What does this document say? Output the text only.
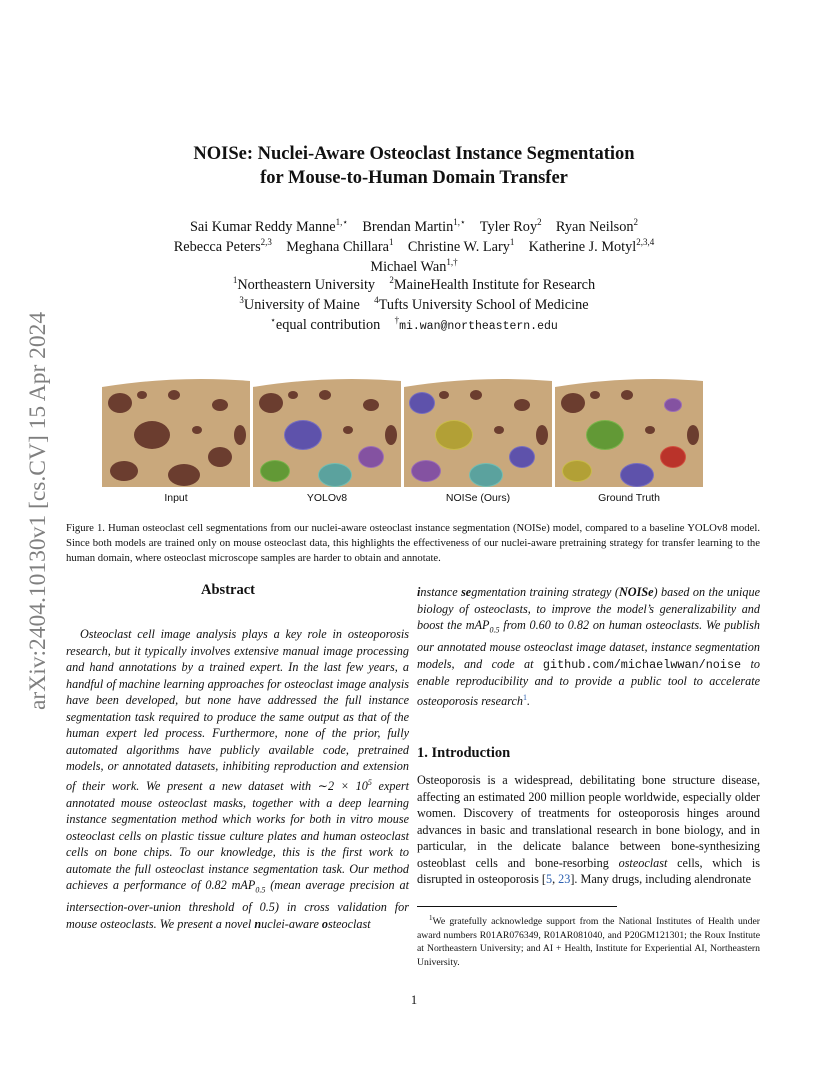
arXiv:2404.10130v1 [cs.CV] 15 Apr 2024
NOISe: Nuclei-Aware Osteoclast Instance Segmentation
for Mouse-to-Human Domain Transfer
Sai Kumar Reddy Manne$^{1,⋆}$ Brendan Martin$^{1,⋆}$ Tyler Roy$^2$ Ryan Neilson$^2$
Rebecca Peters$^{2,3}$ Meghana Chillara$^1$ Christine W. Lary$^1$ Katherine J. Motyl$^{2,3,4}$
Michael Wan$^{1,\dagger}$
$^1$Northeastern University $^2$MaineHealth Institute for Research
$^3$University of Maine $^4$Tufts University School of Medicine
⋆equal contribution †mi.wan@northeastern.edu
Input	YOLOv8	NOISe (Ours)	Ground Truth
Figure 1. Human osteoclast cell segmentations from our nuclei-aware osteoclast instance segmentation (NOISe) model, compared to a baseline YOLOv8 model. Since both models are trained only on mouse osteoclast data, this highlights the effectiveness of our nuclei-aware pretraining strategy for transfer learning to the human domain, where osteoclast microscope samples are harder to obtain and annotate.
Abstract
Osteoclast cell image analysis plays a key role in osteoporosis research, but it typically involves extensive manual image processing and hand annotations by a trained expert. In the last few years, a handful of machine learning approaches for osteoclast image analysis have been developed, but none have addressed the full instance segmentation task required to produce the same output as that of the human expert led process. Furthermore, none of the prior, fully automated algorithms have publicly available code, pretrained models, or annotated datasets, inhibiting reproduction and extension of their work. We present a new dataset with ∼2 × $10^5$ expert annotated mouse osteoclast masks, together with a deep learning instance segmentation method which works for both in vitro mouse osteoclast cells on plastic tissue culture plates and human osteoclast cells on bone chips. To our knowledge, this is the first work to automate the full osteoclast instance segmentation task. Our method achieves a performance of 0.82 mAP$_{0.5}$ (mean average precision at intersection-over-union threshold of 0.5) in cross validation for mouse osteoclasts. We present a novel nuclei-aware osteoclast
instance segmentation training strategy (NOISe) based on the unique biology of osteoclasts, to improve the model’s generalizability and boost the mAP$_{0.5}$ from 0.60 to 0.82 on human osteoclasts. We publish our annotated mouse osteoclast image dataset, instance segmentation models, and code at github.com/michaelwwan/noise to enable reproducibility and to provide a public tool to accelerate osteoporosis research$^1$.
1. Introduction
Osteoporosis is a widespread, debilitating bone structure disease, affecting an estimated 200 million people worldwide, especially older women. Discovery of treatments for osteoporosis hinges around advances in basic and translational research in bone biology, and in particular, in the delicate balance between bone-synthesizing osteoblast cells and bone-resorbing osteoclast cells, which is disrupted in osteoporosis [5, 23]. Many drugs, including alendronate
$^1$We gratefully acknowledge support from the National Institutes of Health under award numbers R01AR076349, R01AR081040, and P20GM121301; the Roux Institute at Northeastern University; and AI + Health, Institute for Experiential AI, Northeastern University.
1
